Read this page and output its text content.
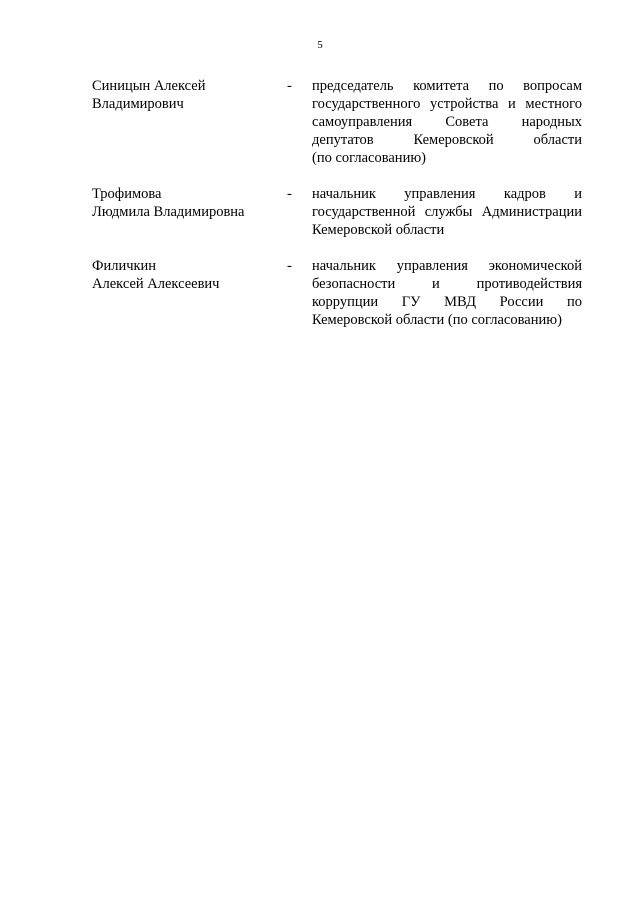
5
Синицын Алексей
Владимирович
-	председатель комитета по вопросам
государственного устройства и местного
самоуправления Совета народных
депутатов Кемеровской области
(по согласованию)
Трофимова
Людмила Владимировна
-	начальник управления кадров и
государственной службы Администрации
Кемеровской области
Филичкин
Алексей Алексеевич
-	начальник управления экономической
безопасности и противодействия
коррупции ГУ МВД России по
Кемеровской области (по согласованию)
